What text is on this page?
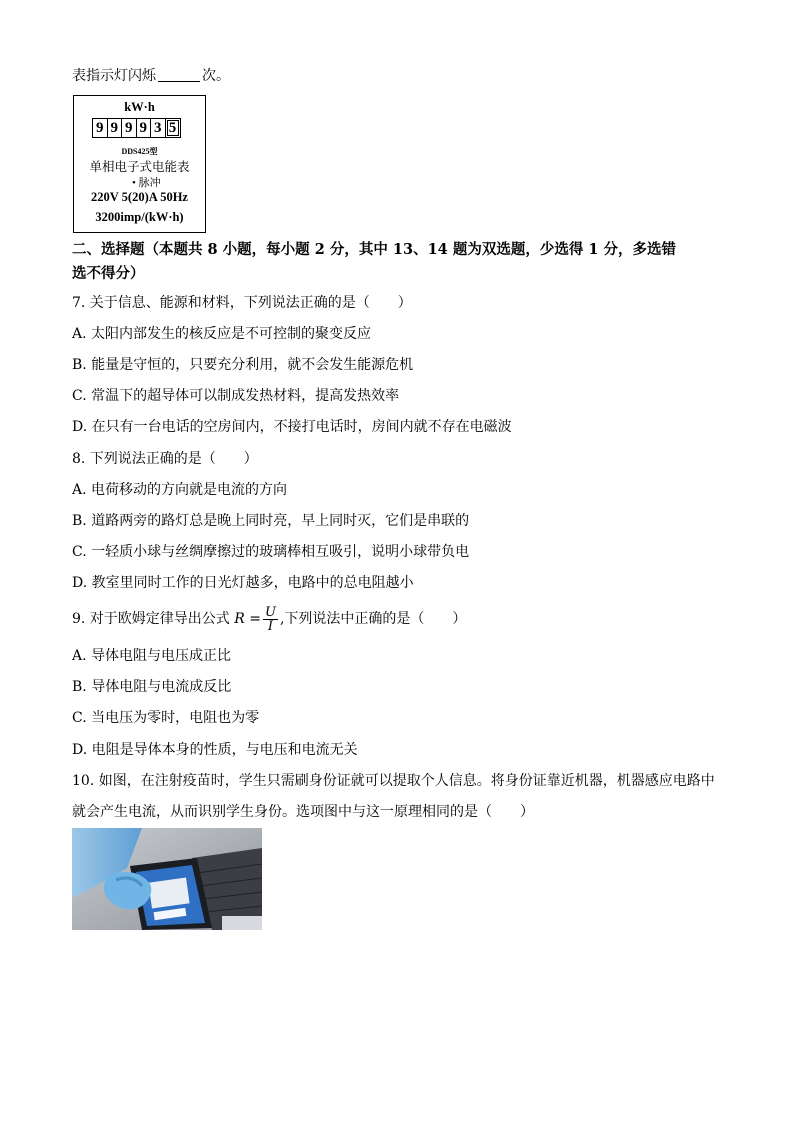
表指示灯闪烁	次。
kW·h
9 9 9 9 3 5
DDS425型
单相电子式电能表
• 脉冲
220V 5(20)A 50Hz
3200imp/(kW·h)
二、选择题（本题共 8 小题，每小题 2 分，其中 13、14 题为双选题，少选得 1 分，多选错
选不得分）
7. 关于信息、能源和材料，下列说法正确的是（　　）
A. 太阳内部发生的核反应是不可控制的聚变反应
B. 能量是守恒的，只要充分利用，就不会发生能源危机
C. 常温下的超导体可以制成发热材料，提高发热效率
D. 在只有一台电话的空房间内，不接打电话时，房间内就不存在电磁波
8. 下列说法正确的是（　　）
A. 电荷移动的方向就是电流的方向
B. 道路两旁的路灯总是晚上同时亮，早上同时灭，它们是串联的
C. 一轻质小球与丝绸摩擦过的玻璃棒相互吸引，说明小球带负电
D. 教室里同时工作的日光灯越多，电路中的总电阻越小
9. 对于欧姆定律导出公式 $R = \frac{U}{I}$ ,下列说法中正确的是（　　）
A. 导体电阻与电压成正比
B. 导体电阻与电流成反比
C. 当电压为零时，电阻也为零
D. 电阻是导体本身的性质，与电压和电流无关
10. 如图，在注射疫苗时，学生只需刷身份证就可以提取个人信息。将身份证靠近机器，机器感应电路中
就会产生电流，从而识别学生身份。选项图中与这一原理相同的是（　　）
